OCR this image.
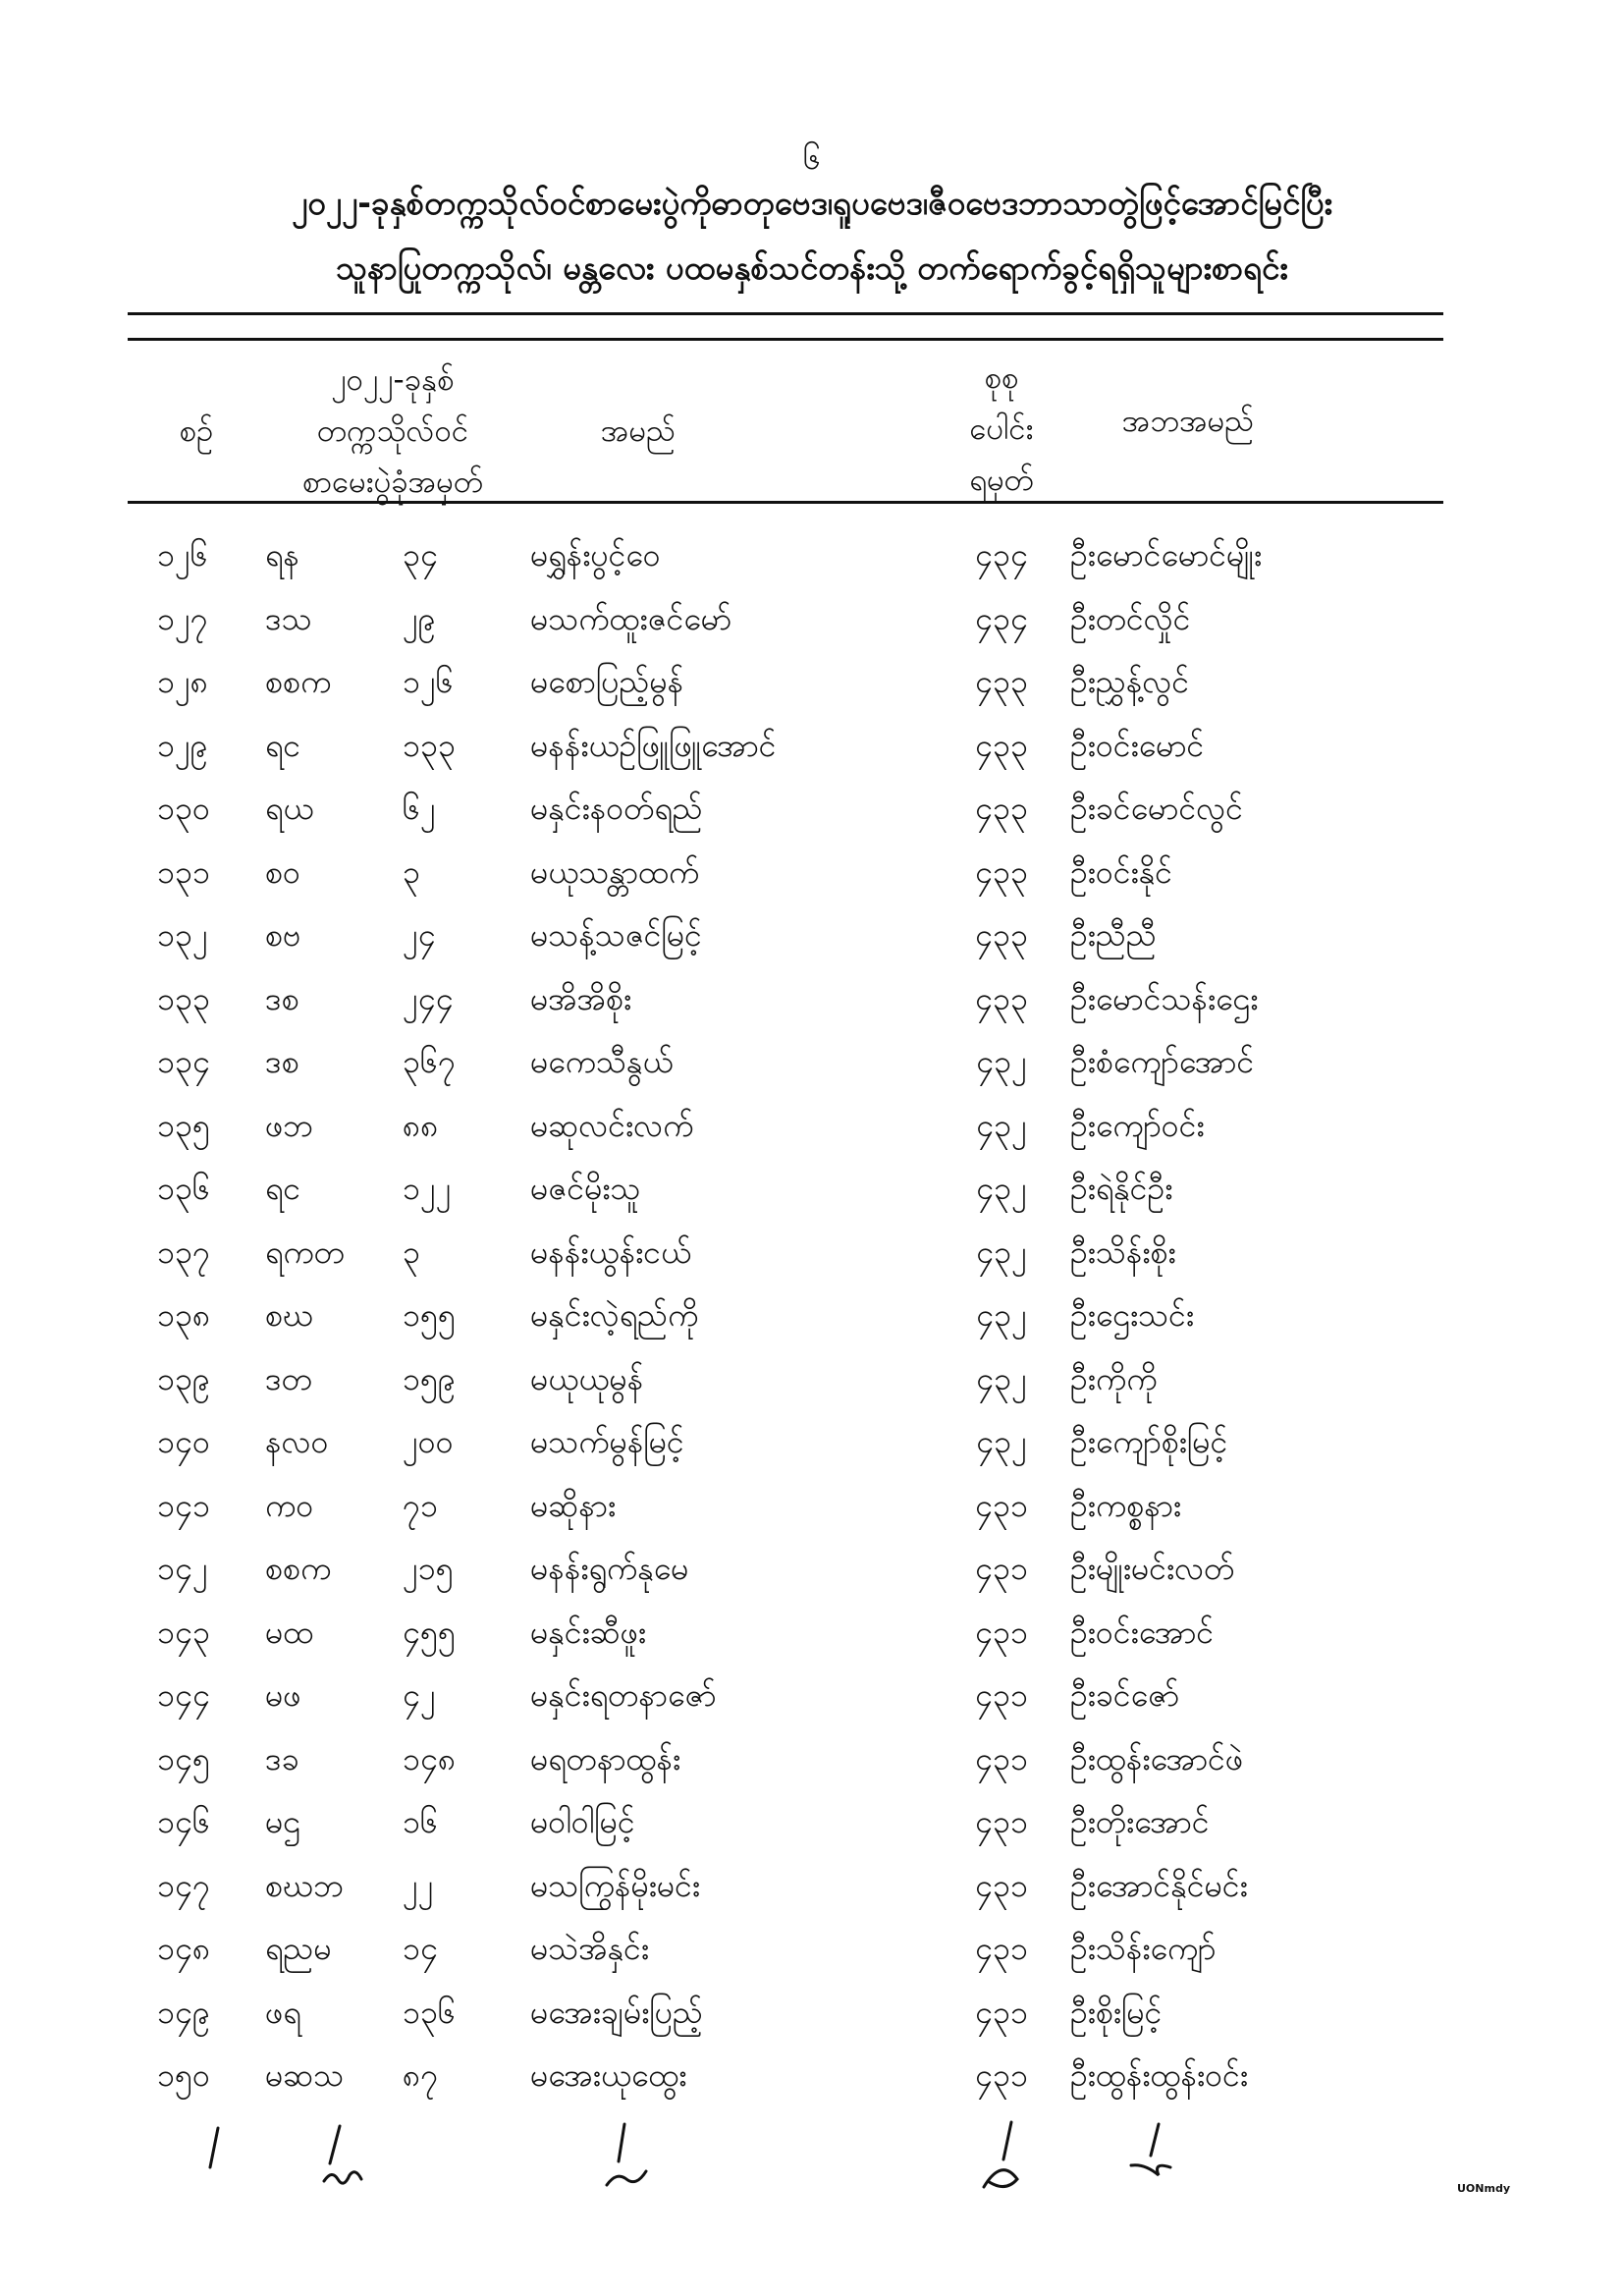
၆
၂၀၂၂-ခုနှစ်တက္ကသိုလ်ဝင်စာမေးပွဲကိုဓာတုဗေဒ၊ရူပဗေဒ၊ဇီဝဗေဒဘာသာတွဲဖြင့်အောင်မြင်ပြီး
သူနာပြုတက္ကသိုလ်၊ မန္တလေး ပထမနှစ်သင်တန်းသို့ တက်ရောက်ခွင့်ရရှိသူများစာရင်း
စဉ်
၂၀၂၂-ခုနှစ်
တက္ကသိုလ်ဝင်
စာမေးပွဲခုံအမှတ်
အမည်
စုစု
ပေါင်း
ရမှတ်
အဘအမည်
၁၂၆	ရန	၃၄	မရွှန်းပွင့်ဝေ	၄၃၄	ဦးမောင်မောင်မျိုး
၁၂၇	ဒသ	၂၉	မသက်ထူးဇင်မော်	၄၃၄	ဦးတင်လှိုင်
၁၂၈	စစက	၁၂၆	မစောပြည့်မွန်	၄၃၃	ဦးညွှန့်လွင်
၁၂၉	ရင	၁၃၃	မနန်းယဉ်ဖြူဖြူအောင်	၄၃၃	ဦးဝင်းမောင်
၁၃၀	ရယ	၆၂	မနှင်းနဝတ်ရည်	၄၃၃	ဦးခင်မောင်လွင်
၁၃၁	စဝ	၃	မယုသန္တာထက်	၄၃၃	ဦးဝင်းနိုင်
၁၃၂	စဗ	၂၄	မသန့်သဇင်မြင့်	၄၃၃	ဦးညီညီ
၁၃၃	ဒစ	၂၄၄	မအိအိစိုး	၄၃၃	ဦးမောင်သန်းဌေး
၁၃၄	ဒစ	၃၆၇	မကေသီနွယ်	၄၃၂	ဦးစံကျော်အောင်
၁၃၅	ဖဘ	၈၈	မဆုလင်းလက်	၄၃၂	ဦးကျော်ဝင်း
၁၃၆	ရင	၁၂၂	မဇင်မိုးသူ	၄၃၂	ဦးရဲနိုင်ဦး
၁၃၇	ရကတ	၃	မနန်းယွန်းငယ်	၄၃၂	ဦးသိန်းစိုး
၁၃၈	စဃ	၁၅၅	မနှင်းလဲ့ရည်ကို	၄၃၂	ဦးဌေးသင်း
၁၃၉	ဒတ	၁၅၉	မယုယုမွန်	၄၃၂	ဦးကိုကို
၁၄၀	နလဝ	၂၀၀	မသက်မွန်မြင့်	၄၃၂	ဦးကျော်စိုးမြင့်
၁၄၁	ကဝ	၇၁	မဆိုနား	၄၃၁	ဦးကစ္စနား
၁၄၂	စစက	၂၁၅	မနန်းရွက်နုမေ	၄၃၁	ဦးမျိုးမင်းလတ်
၁၄၃	မထ	၄၅၅	မနှင်းဆီဖူး	၄၃၁	ဦးဝင်းအောင်
၁၄၄	မဖ	၄၂	မနှင်းရတနာဇော်	၄၃၁	ဦးခင်ဇော်
၁၄၅	ဒခ	၁၄၈	မရတနာထွန်း	၄၃၁	ဦးထွန်းအောင်ဖဲ
၁၄၆	မဌ	၁၆	မဝါဝါမြင့်	၄၃၁	ဦးတိုးအောင်
၁၄၇	စဃဘ	၂၂	မသကြွန်မိုးမင်း	၄၃၁	ဦးအောင်နိုင်မင်း
၁၄၈	ရညမ	၁၄	မသဲအိနှင်း	၄၃၁	ဦးသိန်းကျော်
၁၄၉	ဖရ	၁၃၆	မအေးချမ်းပြည့်	၄၃၁	ဦးစိုးမြင့်
၁၅၀	မဆသ	၈၇	မအေးယုထွေး	၄၃၁	ဦးထွန်းထွန်းဝင်း
UONmdy
